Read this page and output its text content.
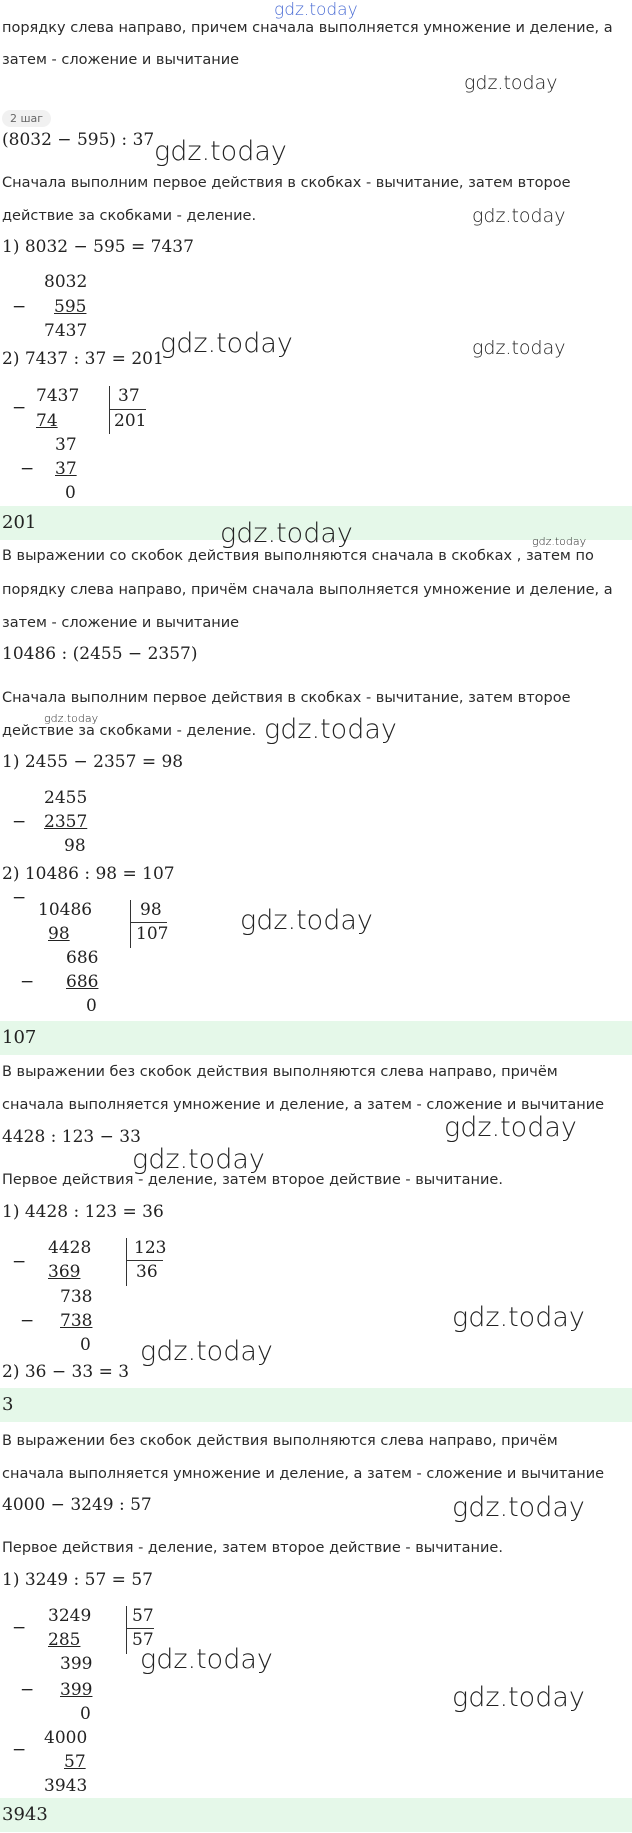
gdz.today
порядку слева направо, причем сначала выполняется умножение и деление, а
затем - сложение и вычитание
gdz.today
2 шаг
(8032 − 595) : 37 gdz.today
Сначала выполним первое действия в скобках - вычитание, затем второе
действие за скобками - деление.	gdz.today
1) 8032 − 595 = 7437
8032
− 595
7437
2) 7437 : 37 = 201
gdz.today	gdz.today
−
7437
74
37
201
37
− 37
0
201	gdz.today	gdz.today
В выражении со скобок действия выполняются сначала в скобках , затем по
порядку слева направо, причём сначала выполняется умножение и деление, а
затем - сложение и вычитание
10486 : (2455 − 2357)
Сначала выполним первое действия в скобках - вычитание, затем второе
gdz.today
действие за скобками - деление. gdz.today
1) 2455 − 2357 = 98
2455
− 2357
98
2) 10486 : 98 = 107
−
10486
98
98
107
686
− 686
0
gdz.today
107
В выражении без скобок действия выполняются слева направо, причём
сначала выполняется умножение и деление, а затем - сложение и вычитание
4428 : 123 − 33	gdz.today
gdz.today
Первое действия - деление, затем второе действие - вычитание.
1) 4428 : 123 = 36
−
4428
369
123
36
738
− 738
0
gdz.today
gdz.today
2) 36 − 33 = 3
3
В выражении без скобок действия выполняются слева направо, причём
сначала выполняется умножение и деление, а затем - сложение и вычитание
4000 − 3249 : 57	gdz.today
Первое действия - деление, затем второе действие - вычитание.
1) 3249 : 57 = 57
−
3249
285
57
57
399 gdz.today
− 399
0
gdz.today
−
4000
57
3943
3943
